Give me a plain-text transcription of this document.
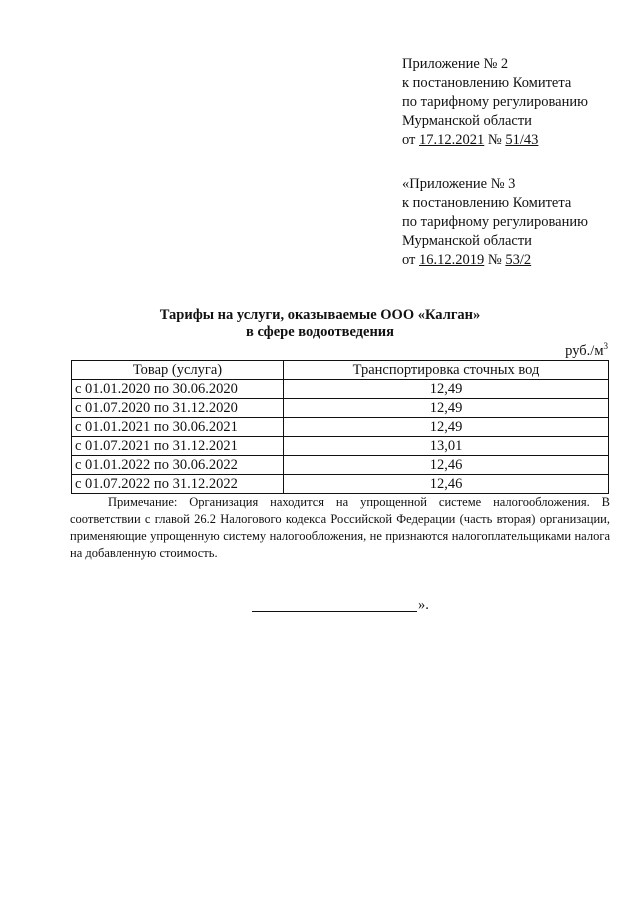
Приложение № 2
к постановлению Комитета
по тарифному регулированию
Мурманской области
от 17.12.2021 № 51/43
«Приложение № 3
к постановлению Комитета
по тарифному регулированию
Мурманской области
от 16.12.2019 № 53/2
Тарифы на услуги, оказываемые ООО «Калган»
в сфере водоотведения
$руб./м^3$
Товар (услуга)	Транспортировка сточных вод
с 01.01.2020 по 30.06.2020	12,49
с 01.07.2020 по 31.12.2020	12,49
с 01.01.2021 по 30.06.2021	12,49
с 01.07.2021 по 31.12.2021	13,01
с 01.01.2022 по 30.06.2022	12,46
с 01.07.2022 по 31.12.2022	12,46
Примечание: Организация находится на упрощенной системе налогообложения. В соответствии с главой 26.2 Налогового кодекса Российской Федерации (часть вторая) организации, применяющие упрощенную систему налогообложения, не признаются налогоплательщиками налога на добавленную стоимость.
».
